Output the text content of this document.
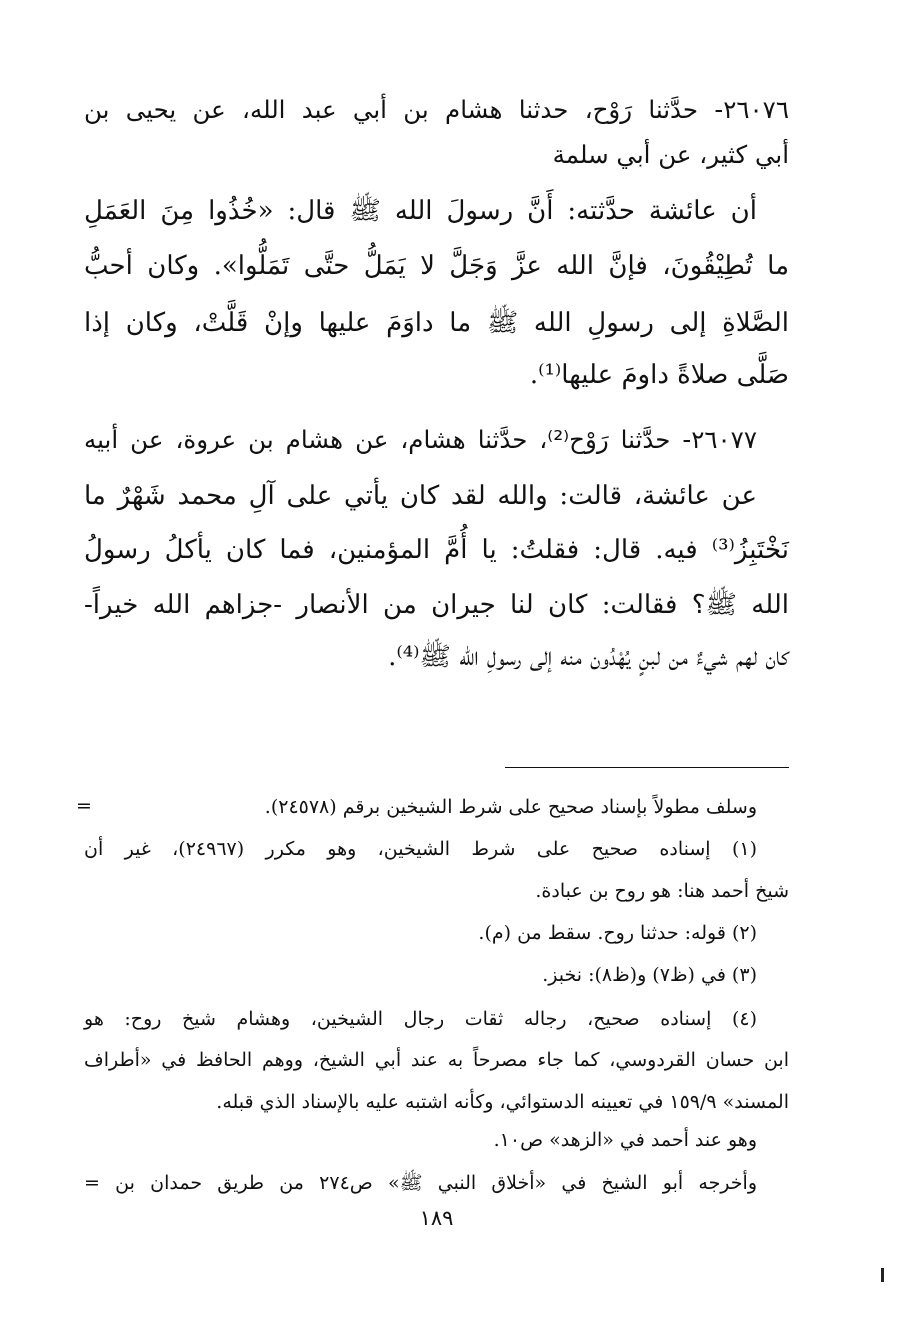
٢٦٠٧٦- حدَّثنا رَوْح، حدثنا هشام بن أبي عبد الله، عن يحيى بن
أبي كثير، عن أبي سلمة
أن عائشة حدَّثته: أَنَّ رسولَ الله ﷺ قال: «خُذُوا مِنَ العَمَلِ
ما تُطِيْقُونَ، فإنَّ الله عزَّ وَجَلَّ لا يَمَلُّ حتَّى تَمَلُّوا». وكان أحبُّ
الصَّلاةِ إلى رسولِ الله ﷺ ما داوَمَ عليها وإنْ قَلَّتْ، وكان إذا
صَلَّى صلاةً داومَ عليها⁽¹⁾.
٢٦٠٧٧- حدَّثنا رَوْح⁽²⁾، حدَّثنا هشام، عن هشام بن عروة، عن أبيه
عن عائشة، قالت: والله لقد كان يأتي على آلِ محمد شَهْرٌ ما
نَخْتَبِزُ⁽³⁾ فيه. قال: فقلتُ: يا أُمَّ المؤمنين، فما كان يأكلُ رسولُ
الله ﷺ؟ فقالت: كان لنا جيران من الأنصار -جزاهم الله خيراً-
كان لهم شيءٌ من لبنٍ يُهْدُون منه إلى رسولِ الله ﷺ⁽⁴⁾.
=	وسلف مطولاً بإسناد صحيح على شرط الشيخين برقم (٢٤٥٧٨).
(١) إسناده صحيح على شرط الشيخين، وهو مكرر (٢٤٩٦٧)، غير أن
شيخ أحمد هنا: هو روح بن عبادة.
(٢) قوله: حدثنا روح. سقط من (م).
(٣) في (ظ٧) و(ظ٨): نخبز.
(٤) إسناده صحيح، رجاله ثقات رجال الشيخين، وهشام شيخ روح: هو
ابن حسان القردوسي، كما جاء مصرحاً به عند أبي الشيخ، ووهم الحافظ في «أطراف
المسند» ١٥٩/٩ في تعيينه الدستوائي، وكأنه اشتبه عليه بالإسناد الذي قبله.
وهو عند أحمد في «الزهد» ص١٠.
وأخرجه أبو الشيخ في «أخلاق النبي ﷺ» ص٢٧٤ من طريق حمدان بن =
١٨٩
